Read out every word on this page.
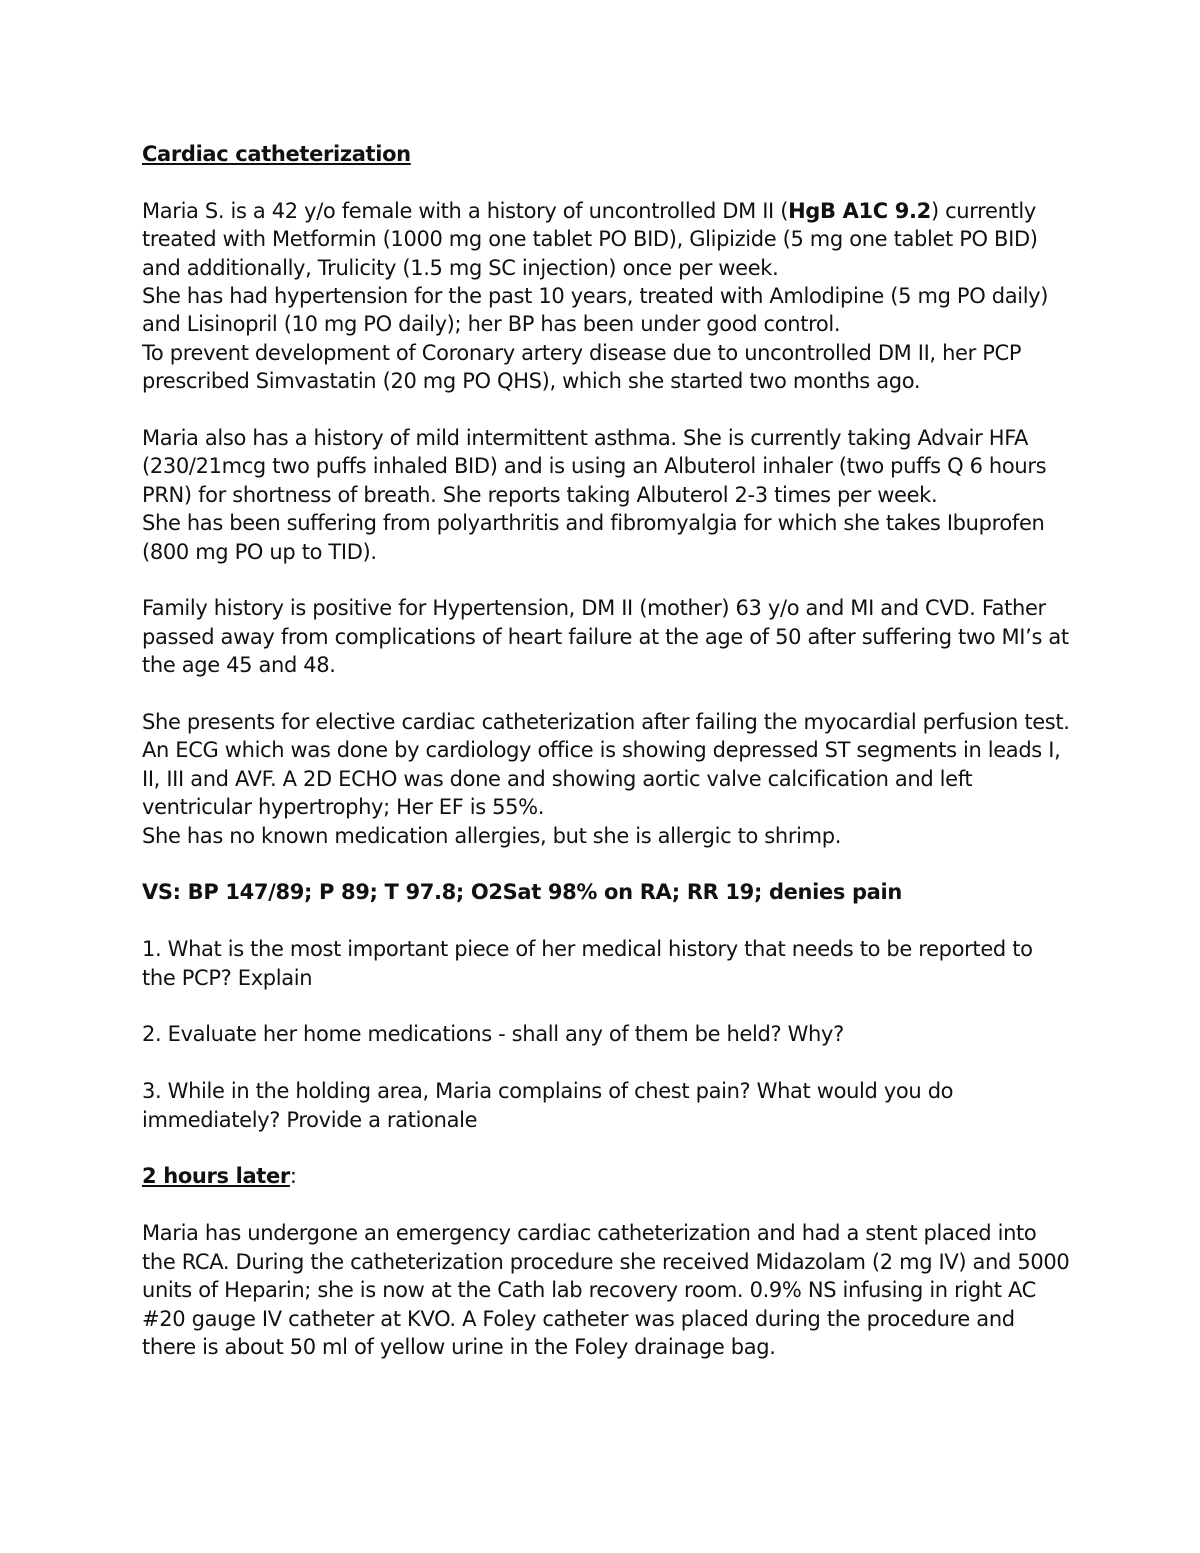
Cardiac catheterization

Maria S. is a 42 y/o female with a history of uncontrolled DM II (HgB A1C 9.2) currently treated with Metformin (1000 mg one tablet PO BID), Glipizide (5 mg one tablet PO BID) and additionally, Trulicity (1.5 mg SC injection) once per week.

She has had hypertension for the past 10 years, treated with Amlodipine (5 mg PO daily) and Lisinopril (10 mg PO daily); her BP has been under good control.

To prevent development of Coronary artery disease due to uncontrolled DM II, her PCP prescribed Simvastatin (20 mg PO QHS), which she started two months ago.

Maria also has a history of mild intermittent asthma. She is currently taking Advair HFA (230/21mcg two puffs inhaled BID) and is using an Albuterol inhaler (two puffs Q 6 hours PRN) for shortness of breath. She reports taking Albuterol 2-3 times per week.

She has been suffering from polyarthritis and fibromyalgia for which she takes Ibuprofen (800 mg PO up to TID).

Family history is positive for Hypertension, DM II (mother) 63 y/o and MI and CVD. Father passed away from complications of heart failure at the age of 50 after suffering two MI’s at the age 45 and 48.

She presents for elective cardiac catheterization after failing the myocardial perfusion test. An ECG which was done by cardiology office is showing depressed ST segments in leads I, II, III and AVF. A 2D ECHO was done and showing aortic valve calcification and left ventricular hypertrophy; Her EF is 55%.

She has no known medication allergies, but she is allergic to shrimp.

VS: BP 147/89; P 89; T 97.8; O2Sat 98% on RA; RR 19; denies pain

1. What is the most important piece of her medical history that needs to be reported to the PCP? Explain

2. Evaluate her home medications - shall any of them be held? Why?

3. While in the holding area, Maria complains of chest pain? What would you do immediately? Provide a rationale

2 hours later:

Maria has undergone an emergency cardiac catheterization and had a stent placed into the RCA. During the catheterization procedure she received Midazolam (2 mg IV) and 5000 units of Heparin; she is now at the Cath lab recovery room. 0.9% NS infusing in right AC #20 gauge IV catheter at KVO. A Foley catheter was placed during the procedure and there is about 50 ml of yellow urine in the Foley drainage bag.
